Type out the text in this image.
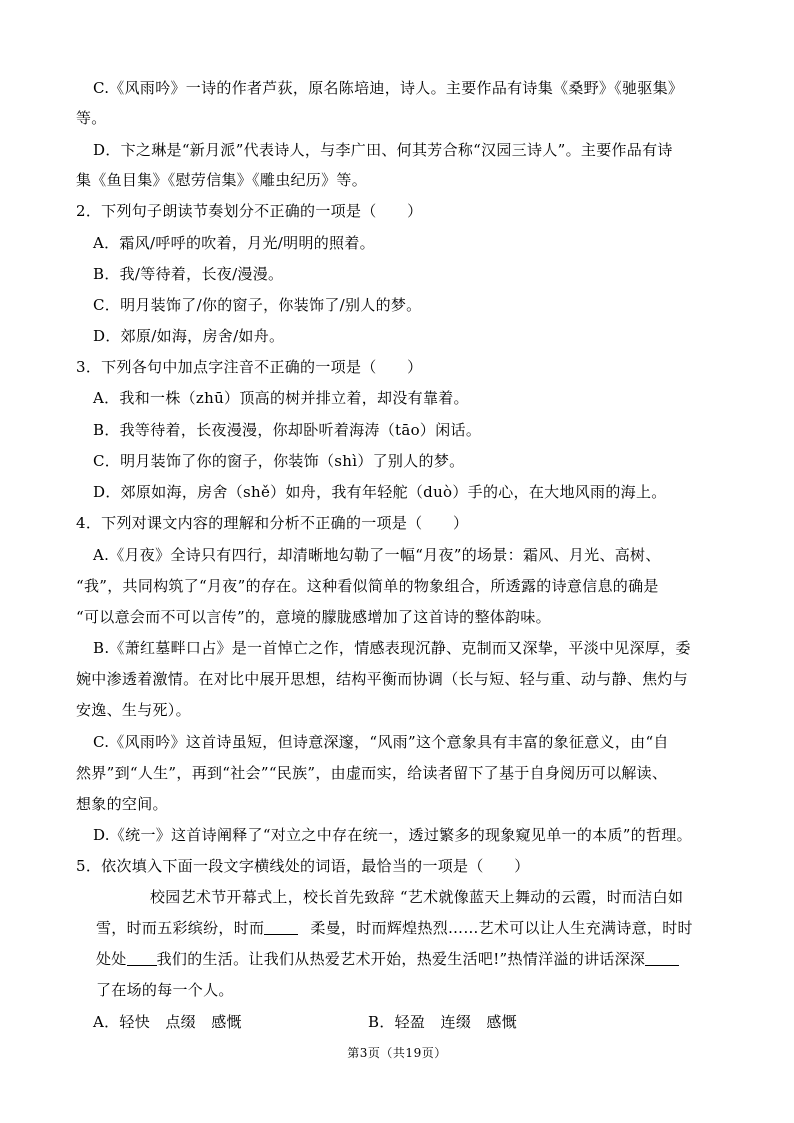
C.《风雨吟》一诗的作者芦荻，原名陈培迪，诗人。主要作品有诗集《桑野》《驰驱集》
等。
D．卞之琳是“新月派”代表诗人，与李广田、何其芳合称“汉园三诗人”。主要作品有诗
集《鱼目集》《慰劳信集》《雕虫纪历》等。
2．下列句子朗读节奏划分不正确的一项是（　　）
A．霜风/呼呼的吹着，月光/明明的照着。
B．我/等待着，长夜/漫漫。
C．明月装饰了/你的窗子，你装饰了/别人的梦。
D．郊原/如海，房舍/如舟。
3．下列各句中加点字注音不正确的一项是（　　）
A．我和一株（zhū）顶高的树并排立着，却没有靠着。
B．我等待着，长夜漫漫，你却卧听着海涛（tāo）闲话。
C．明月装饰了你的窗子，你装饰（shì）了别人的梦。
D．郊原如海，房舍（shě）如舟，我有年轻舵（duò）手的心，在大地风雨的海上。
4．下列对课文内容的理解和分析不正确的一项是（　　）
A.《月夜》全诗只有四行，却清晰地勾勒了一幅“月夜”的场景：霜风、月光、高树、
“我”，共同构筑了“月夜”的存在。这种看似简单的物象组合，所透露的诗意信息的确是
“可以意会而不可以言传”的，意境的朦胧感增加了这首诗的整体韵味。
B.《萧红墓畔口占》是一首悼亡之作，情感表现沉静、克制而又深挚，平淡中见深厚，委
婉中渗透着激情。在对比中展开思想，结构平衡而协调（长与短、轻与重、动与静、焦灼与
安逸、生与死）。
C.《风雨吟》这首诗虽短，但诗意深邃，“风雨”这个意象具有丰富的象征意义，由“自
然界”到“人生”，再到“社会”“民族”，由虚而实，给读者留下了基于自身阅历可以解读、
想象的空间。
D.《统一》这首诗阐释了“对立之中存在统一，透过繁多的现象窥见单一的本质”的哲理。
5．依次填入下面一段文字横线处的词语，最恰当的一项是（　　）
校园艺术节开幕式上，校长首先致辞 “艺术就像蓝天上舞动的云霞，时而洁白如
雪，时而五彩缤纷，时而	柔曼，时而辉煌热烈……艺术可以让人生充满诗意，时时
处处 我们的生活。让我们从热爱艺术开始，热爱生活吧!”热情洋溢的讲话深深
了在场的每一个人。
A．轻快　点缀　感慨	B．轻盈　连缀　感慨
第3页（共19页）
